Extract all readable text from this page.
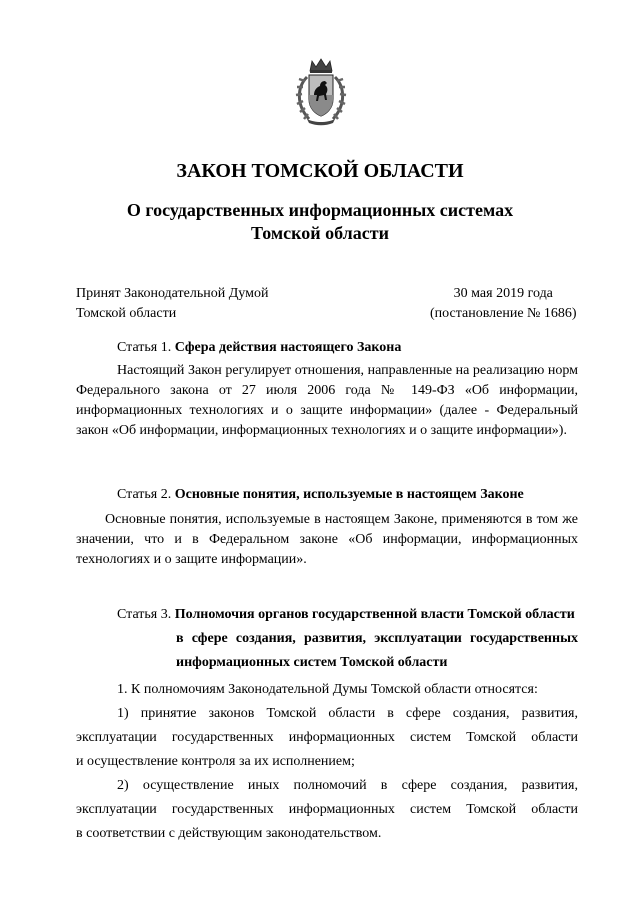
ЗАКОН ТОМСКОЙ ОБЛАСТИ
О государственных информационных системах
Томской области
Принят Законодательной Думой
Томской области
30 мая 2019 года
(постановление № 1686)
Статья 1. Сфера действия настоящего Закона
Настоящий Закон регулирует отношения, направленные на реализацию норм
Федерального закона от 27 июля 2006 года № 149-ФЗ «Об информации,
информационных технологиях и о защите информации» (далее - Федеральный
закон «Об информации, информационных технологиях и о защите информации»).
Статья 2. Основные понятия, используемые в настоящем Законе
Основные понятия, используемые в настоящем Законе, применяются в том же
значении, что и в Федеральном законе «Об информации, информационных
технологиях и о защите информации».
Статья 3. Полномочия органов государственной власти Томской области
в сфере создания, развития, эксплуатации государственных
информационных систем Томской области
1. К полномочиям Законодательной Думы Томской области относятся:
1) принятие законов Томской области в сфере создания, развития,
эксплуатации государственных информационных систем Томской области
и осуществление контроля за их исполнением;
2) осуществление иных полномочий в сфере создания, развития,
эксплуатации государственных информационных систем Томской области
в соответствии с действующим законодательством.
